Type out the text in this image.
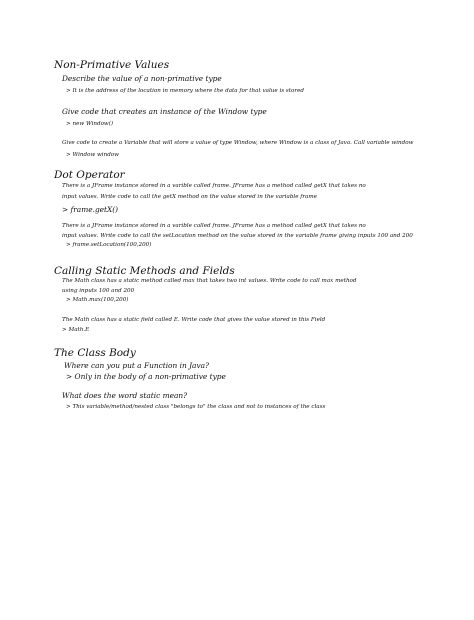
Non-Primative Values
Describe the value of a non-primative type
> It is the address of the location in memory where the data for that value is stored
Give code that creates an instance of the Window type
> new Window()
Give code to create a Variable that will store a value of type Window, where Window is a class of Java. Call variable window
> Window window
Dot Operator
There is a JFrame instance stored in a varible called frame. JFrame has a method called getX that takes no
input values. Write code to call the getX method on the value stored in the variable frame
> frame.getX()
There is a JFrame instance stored in a varible called frame. JFrame has a method called getX that takes no
input values. Write code to call the setLocation method on the value stored in the variable frame giving inputs 100 and 200
> frame.setLocation(100,200)
Calling Static Methods and Fields
The Math class has a static method called max that takes two int values. Write code to call max method
using inputs 100 and 200
> Math.max(100,200)
The Math class has a static field called E. Write code that gives the value stored in this Field
> Math.E
The Class Body
Where can you put a Function in Java?
> Only in the body of a non-primative type
What does the word static mean?
> This variable/method/nested class "belongs to" the class and not to instances of the class
